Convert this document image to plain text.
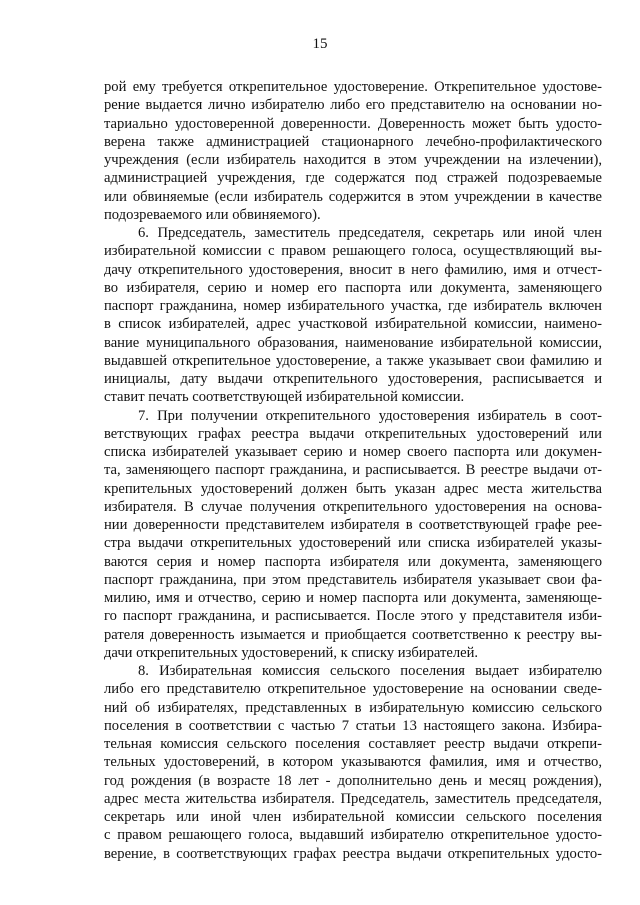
15
рой ему требуется открепительное удостоверение. Открепительное удостове-
рение выдается лично избирателю либо его представителю на основании но-
тариально удостоверенной доверенности. Доверенность может быть удосто-
верена также администрацией стационарного лечебно-профилактического
учреждения (если избиратель находится в этом учреждении на излечении),
администрацией учреждения, где содержатся под стражей подозреваемые
или обвиняемые (если избиратель содержится в этом учреждении в качестве
подозреваемого или обвиняемого).
6. Председатель, заместитель председателя, секретарь или иной член
избирательной комиссии с правом решающего голоса, осуществляющий вы-
дачу открепительного удостоверения, вносит в него фамилию, имя и отчест-
во избирателя, серию и номер его паспорта или документа, заменяющего
паспорт гражданина, номер избирательного участка, где избиратель включен
в список избирателей, адрес участковой избирательной комиссии, наимено-
вание муниципального образования, наименование избирательной комиссии,
выдавшей открепительное удостоверение, а также указывает свои фамилию и
инициалы, дату выдачи открепительного удостоверения, расписывается и
ставит печать соответствующей избирательной комиссии.
7. При получении открепительного удостоверения избиратель в соот-
ветствующих графах реестра выдачи открепительных удостоверений или
списка избирателей указывает серию и номер своего паспорта или докумен-
та, заменяющего паспорт гражданина, и расписывается. В реестре выдачи от-
крепительных удостоверений должен быть указан адрес места жительства
избирателя. В случае получения открепительного удостоверения на основа-
нии доверенности представителем избирателя в соответствующей графе рее-
стра выдачи открепительных удостоверений или списка избирателей указы-
ваются серия и номер паспорта избирателя или документа, заменяющего
паспорт гражданина, при этом представитель избирателя указывает свои фа-
милию, имя и отчество, серию и номер паспорта или документа, заменяюще-
го паспорт гражданина, и расписывается. После этого у представителя изби-
рателя доверенность изымается и приобщается соответственно к реестру вы-
дачи открепительных удостоверений, к списку избирателей.
8. Избирательная комиссия сельского поселения выдает избирателю
либо его представителю открепительное удостоверение на основании сведе-
ний об избирателях, представленных в избирательную комиссию сельского
поселения в соответствии с частью 7 статьи 13 настоящего закона. Избира-
тельная комиссия сельского поселения составляет реестр выдачи открепи-
тельных удостоверений, в котором указываются фамилия, имя и отчество,
год рождения (в возрасте 18 лет - дополнительно день и месяц рождения),
адрес места жительства избирателя. Председатель, заместитель председателя,
секретарь или иной член избирательной комиссии сельского поселения
с правом решающего голоса, выдавший избирателю открепительное удосто-
верение, в соответствующих графах реестра выдачи открепительных удосто-
